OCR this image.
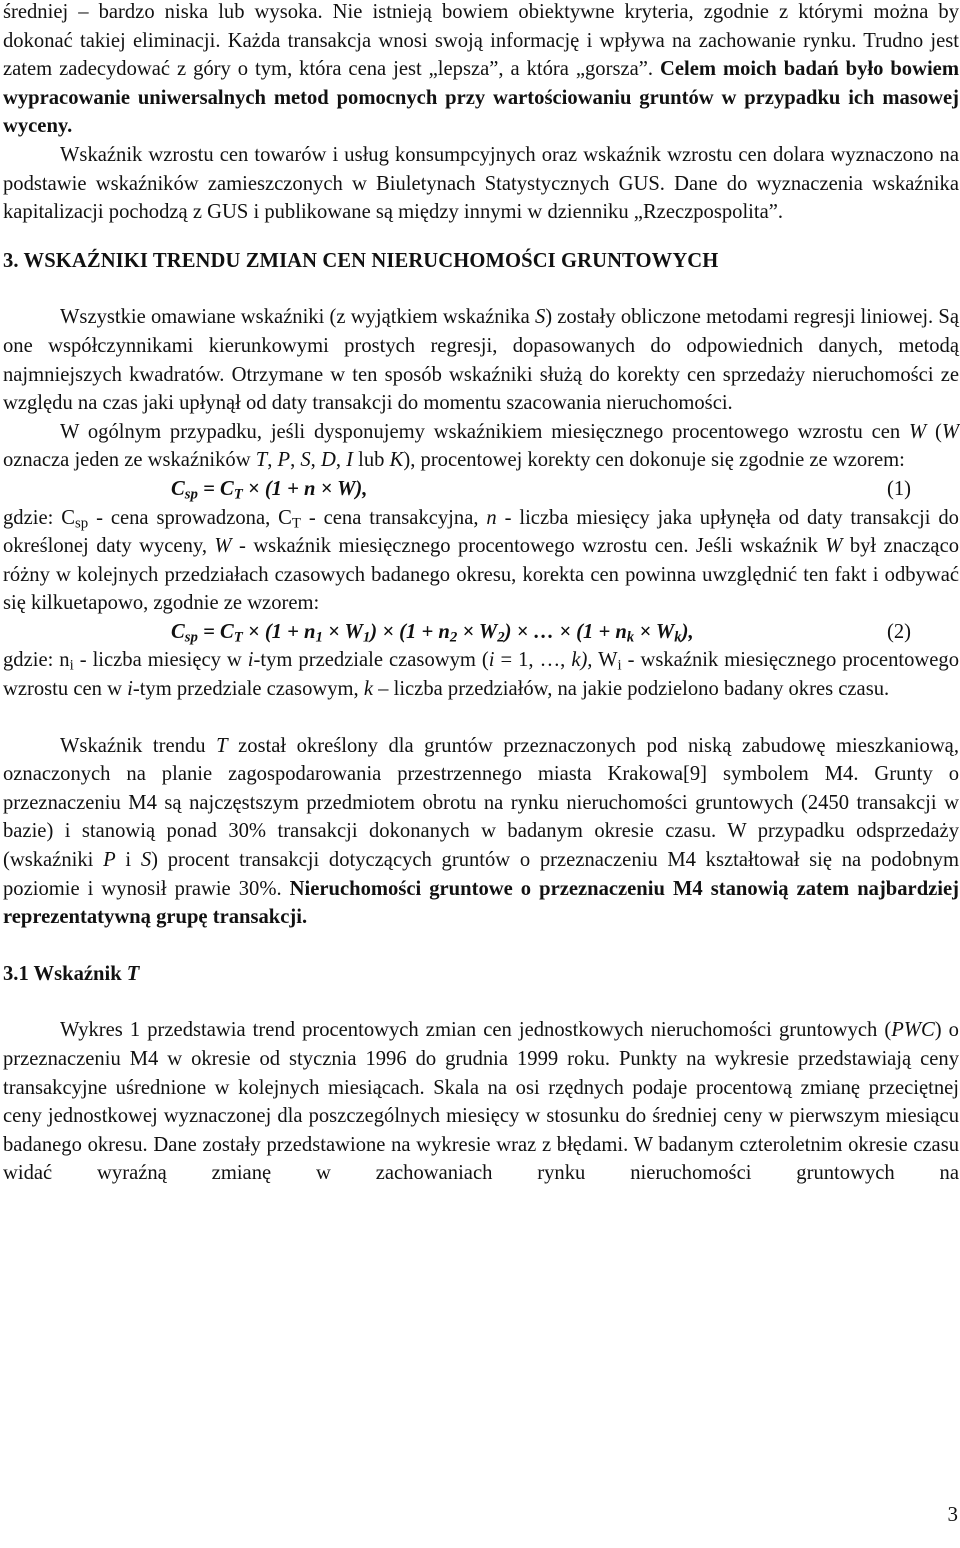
średniej – bardzo niska lub wysoka. Nie istnieją bowiem obiektywne kryteria, zgodnie z którymi można by dokonać takiej eliminacji. Każda transakcja wnosi swoją informację i wpływa na zachowanie rynku. Trudno jest zatem zadecydować z góry o tym, która cena jest „lepsza”, a która „gorsza”. Celem moich badań było bowiem wypracowanie uniwersalnych metod pomocnych przy wartościowaniu gruntów w przypadku ich masowej wyceny.

Wskaźnik wzrostu cen towarów i usług konsumpcyjnych oraz wskaźnik wzrostu cen dolara wyznaczono na podstawie wskaźników zamieszczonych w Biuletynach Statystycznych GUS. Dane do wyznaczenia wskaźnika kapitalizacji pochodzą z GUS i publikowane są między innymi w dzienniku „Rzeczpospolita”.

3. WSKAŹNIKI TRENDU ZMIAN CEN NIERUCHOMOŚCI GRUNTOWYCH

Wszystkie omawiane wskaźniki (z wyjątkiem wskaźnika S) zostały obliczone metodami regresji liniowej. Są one współczynnikami kierunkowymi prostych regresji, dopasowanych do odpowiednich danych, metodą najmniejszych kwadratów. Otrzymane w ten sposób wskaźniki służą do korekty cen sprzedaży nieruchomości ze względu na czas jaki upłynął od daty transakcji do momentu szacowania nieruchomości.

W ogólnym przypadku, jeśli dysponujemy wskaźnikiem miesięcznego procentowego wzrostu cen W (W oznacza jeden ze wskaźników T, P, S, D, I lub K), procentowej korekty cen dokonuje się zgodnie ze wzorem:

$C_{sp} = C_T \times (1 + n \times W)$,	(1)

gdzie: $C_{sp}$ - cena sprowadzona, $C_T$ - cena transakcyjna, n - liczba miesięcy jaka upłynęła od daty transakcji do określonej daty wyceny, W - wskaźnik miesięcznego procentowego wzrostu cen. Jeśli wskaźnik W był znacząco różny w kolejnych przedziałach czasowych badanego okresu, korekta cen powinna uwzględnić ten fakt i odbywać się kilkuetapowo, zgodnie ze wzorem:

$C_{sp} = C_T \times (1 + n_1 \times W_1) \times (1 + n_2 \times W_2)$ × … × $(1 + n_k \times W_k)$,	(2)

gdzie: $n_i$ - liczba miesięcy w i-tym przedziale czasowym (i = 1, …, k), $W_i$ - wskaźnik miesięcznego procentowego wzrostu cen w i-tym przedziale czasowym, k – liczba przedziałów, na jakie podzielono badany okres czasu.

Wskaźnik trendu T został określony dla gruntów przeznaczonych pod niską zabudowę mieszkaniową, oznaczonych na planie zagospodarowania przestrzennego miasta Krakowa[9] symbolem M4. Grunty o przeznaczeniu M4 są najczęstszym przedmiotem obrotu na rynku nieruchomości gruntowych (2450 transakcji w bazie) i stanowią ponad 30% transakcji dokonanych w badanym okresie czasu. W przypadku odsprzedaży (wskaźniki P i S) procent transakcji dotyczących gruntów o przeznaczeniu M4 kształtował się na podobnym poziomie i wynosił prawie 30%. Nieruchomości gruntowe o przeznaczeniu M4 stanowią zatem najbardziej reprezentatywną grupę transakcji.

3.1 Wskaźnik T

Wykres 1 przedstawia trend procentowych zmian cen jednostkowych nieruchomości gruntowych (PWC) o przeznaczeniu M4 w okresie od stycznia 1996 do grudnia 1999 roku. Punkty na wykresie przedstawiają ceny transakcyjne uśrednione w kolejnych miesiącach. Skala na osi rzędnych podaje procentową zmianę przeciętnej ceny jednostkowej wyznaczonej dla poszczególnych miesięcy w stosunku do średniej ceny w pierwszym miesiącu badanego okresu. Dane zostały przedstawione na wykresie wraz z błędami. W badanym czteroletnim okresie czasu widać wyraźną zmianę w zachowaniach rynku nieruchomości gruntowych na

3
